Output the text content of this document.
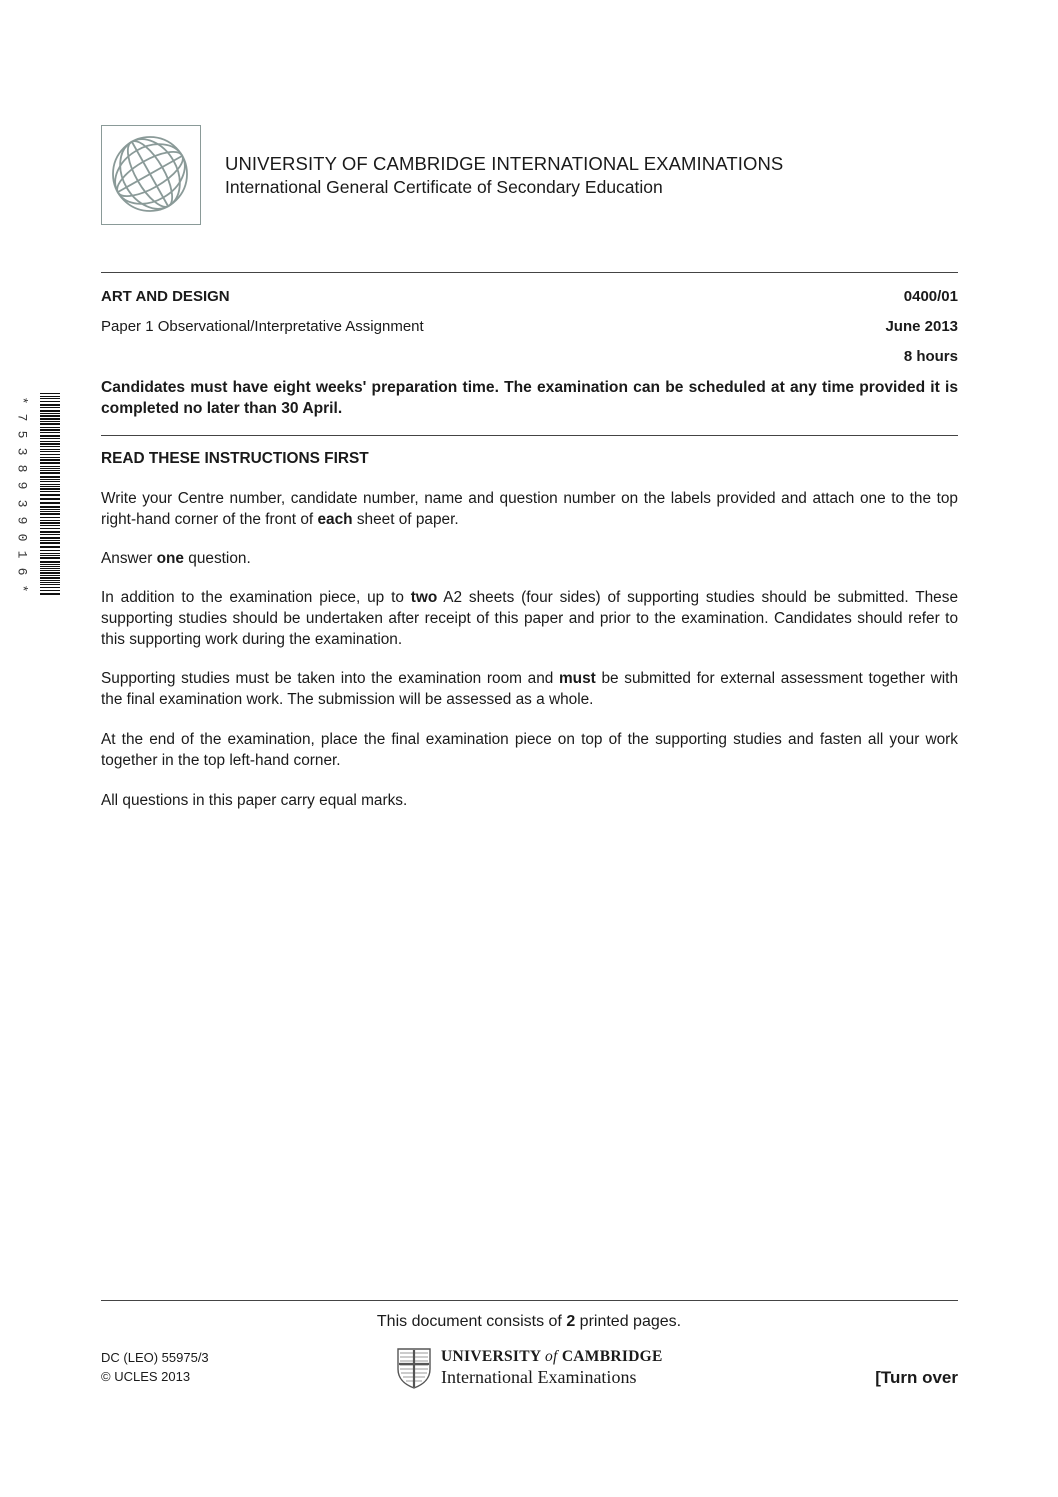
UNIVERSITY OF CAMBRIDGE INTERNATIONAL EXAMINATIONS
International General Certificate of Secondary Education
ART AND DESIGN	0400/01
Paper 1 Observational/Interpretative Assignment	June 2013
8 hours

Candidates must have eight weeks' preparation time. The examination can be scheduled at any time provided it is completed no later than 30 April.

*
7
5
3
8
9
3
9
0
1
6
*
READ THESE INSTRUCTIONS FIRST

Write your Centre number, candidate number, name and question number on the labels provided and attach one to the top right-hand corner of the front of each sheet of paper.

Answer one question.

In addition to the examination piece, up to two A2 sheets (four sides) of supporting studies should be submitted. These supporting studies should be undertaken after receipt of this paper and prior to the examination. Candidates should refer to this supporting work during the examination.

Supporting studies must be taken into the examination room and must be submitted for external assessment together with the final examination work. The submission will be assessed as a whole.

At the end of the examination, place the final examination piece on top of the supporting studies and fasten all your work together in the top left-hand corner.

All questions in this paper carry equal marks.

This document consists of 2 printed pages.
DC (LEO) 55975/3
© UCLES 2013
UNIVERSITY of CAMBRIDGE
International Examinations	[Turn over
